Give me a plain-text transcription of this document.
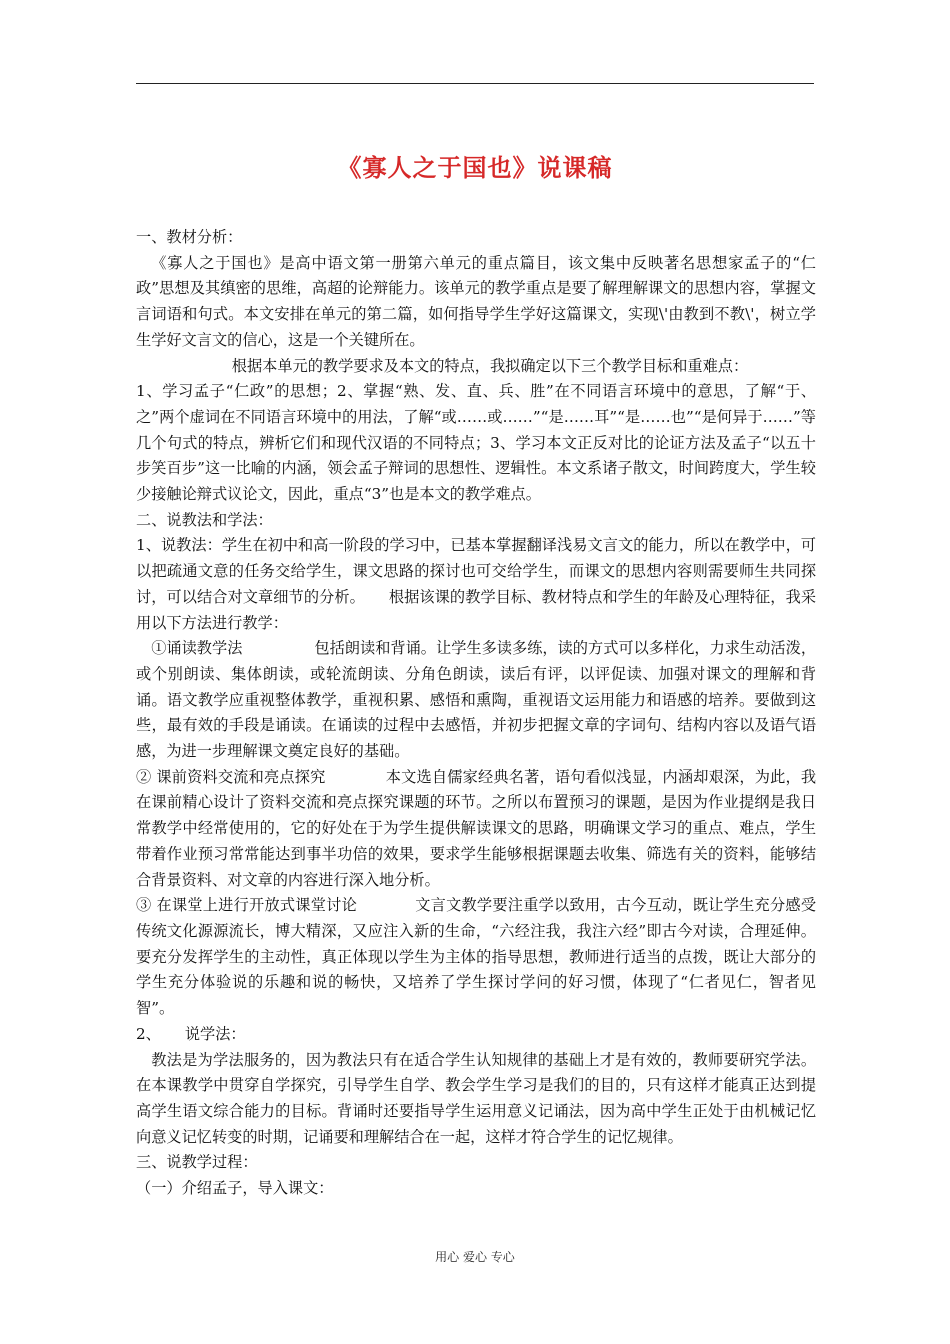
《寡人之于国也》说课稿

一、教材分析：

《寡人之于国也》是高中语文第一册第六单元的重点篇目，该文集中反映著名思想家孟子的“仁政”思想及其缜密的思维，高超的论辩能力。该单元的教学重点是要了解理解课文的思想内容，掌握文言词语和句式。本文安排在单元的第二篇，如何指导学生学好这篇课文，实现\'由教到不教\'，树立学生学好文言文的信心，这是一个关键所在。

根据本单元的教学要求及本文的特点，我拟确定以下三个教学目标和重难点：

1、学习孟子“仁政”的思想；2、掌握“熟、发、直、兵、胜”在不同语言环境中的意思，了解“于、之”两个虚词在不同语言环境中的用法，了解“或……或……”“是……耳”“是……也”“是何异于……”等几个句式的特点，辨析它们和现代汉语的不同特点；3、学习本文正反对比的论证方法及孟子“以五十步笑百步”这一比喻的内涵，领会孟子辩词的思想性、逻辑性。本文系诸子散文，时间跨度大，学生较少接触论辩式议论文，因此，重点“3”也是本文的教学难点。

二、说教法和学法：

1、说教法：学生在初中和高一阶段的学习中，已基本掌握翻译浅易文言文的能力，所以在教学中，可以把疏通文意的任务交给学生，课文思路的探讨也可交给学生，而课文的思想内容则需要师生共同探讨，可以结合对文章细节的分析。 根据该课的教学目标、教材特点和学生的年龄及心理特征，我采用以下方法进行教学：

①诵读教学法	包括朗读和背诵。让学生多读多练，读的方式可以多样化，力求生动活泼，或个别朗读、集体朗读，或轮流朗读、分角色朗读，读后有评，以评促读、加强对课文的理解和背诵。语文教学应重视整体教学，重视积累、感悟和熏陶，重视语文运用能力和语感的培养。要做到这些，最有效的手段是诵读。在诵读的过程中去感悟，并初步把握文章的字词句、结构内容以及语气语感，为进一步理解课文奠定良好的基础。

② 课前资料交流和亮点探究	本文选自儒家经典名著，语句看似浅显，内涵却艰深，为此，我在课前精心设计了资料交流和亮点探究课题的环节。之所以布置预习的课题，是因为作业提纲是我日常教学中经常使用的，它的好处在于为学生提供解读课文的思路，明确课文学习的重点、难点，学生带着作业预习常常能达到事半功倍的效果，要求学生能够根据课题去收集、筛选有关的资料，能够结合背景资料、对文章的内容进行深入地分析。

③ 在课堂上进行开放式课堂讨论	文言文教学要注重学以致用，古今互动，既让学生充分感受传统文化源源流长，博大精深，又应注入新的生命，“六经注我，我注六经”即古今对读，合理延伸。要充分发挥学生的主动性，真正体现以学生为主体的指导思想，教师进行适当的点拨，既让大部分的学生充分体验说的乐趣和说的畅快，又培养了学生探讨学问的好习惯，体现了“仁者见仁，智者见智”。

2、 说学法：

教法是为学法服务的，因为教法只有在适合学生认知规律的基础上才是有效的，教师要研究学法。在本课教学中贯穿自学探究，引导学生自学、教会学生学习是我们的目的，只有这样才能真正达到提高学生语文综合能力的目标。背诵时还要指导学生运用意义记诵法，因为高中学生正处于由机械记忆向意义记忆转变的时期，记诵要和理解结合在一起，这样才符合学生的记忆规律。

三、说教学过程：

（一）介绍孟子，导入课文：

用心 爱心 专心
